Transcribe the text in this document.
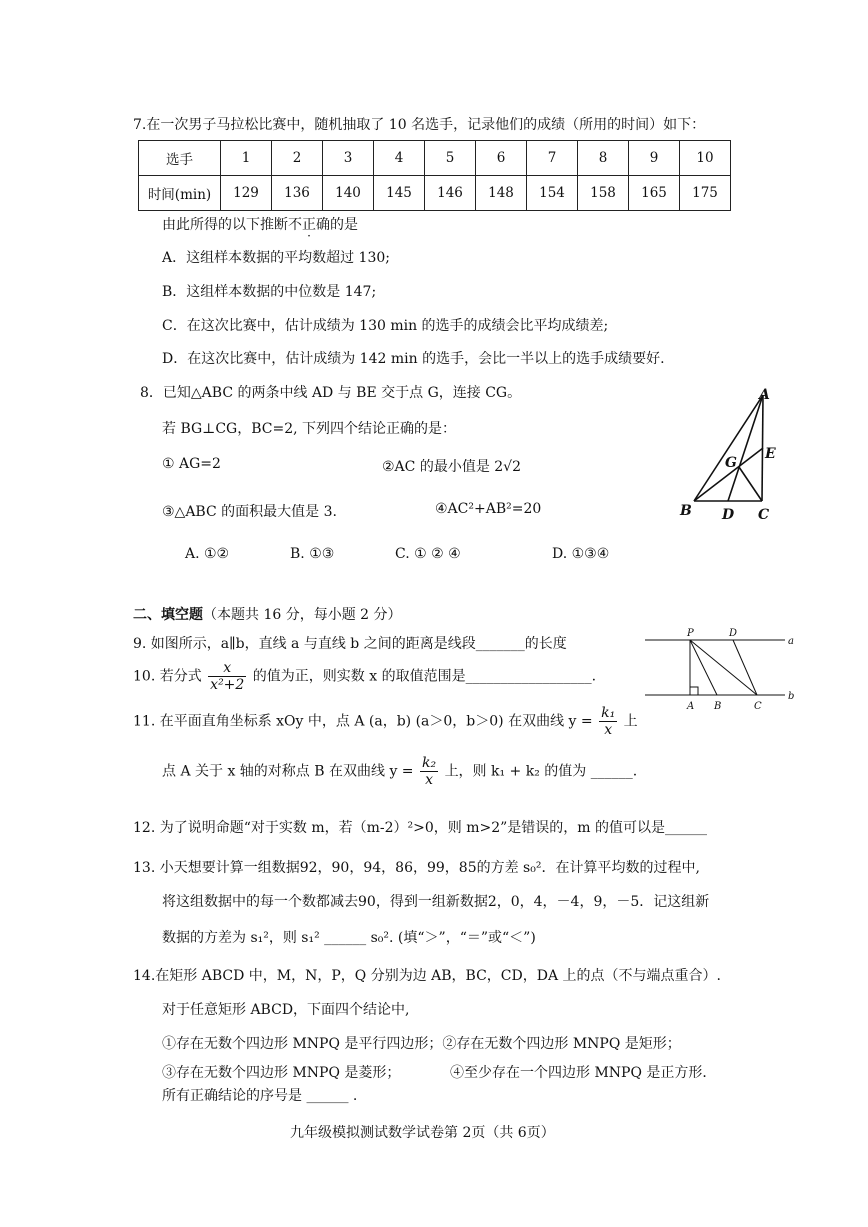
7.在一次男子马拉松比赛中，随机抽取了 10 名选手，记录他们的成绩（所用的时间）如下：
选手	1	2	3	4	5	6	7	8	9	10
时间(min)	129	136	140	145	146	148	154	158	165	175
由此所得的以下推断不正确的是
A．这组样本数据的平均数超过 130;
B．这组样本数据的中位数是 147;
C．在这次比赛中，估计成绩为 130 min 的选手的成绩会比平均成绩差;
D．在这次比赛中，估计成绩为 142 min 的选手，会比一半以上的选手成绩要好.
8．已知△ABC 的两条中线 AD 与 BE 交于点 G，连接 CG。
若 BG⊥CG，BC=2, 下列四个结论正确的是：
① AG=2	②AC 的最小值是 2√2
③△ABC 的面积最大值是 3.	④AC²+AB²=20
A. ①②	B. ①③	C. ① ② ④	D. ①③④
A
B	C
D
E
G
二、填空题（本题共 16 分，每小题 2 分）
9. 如图所示，a∥b，直线 a 与直线 b 之间的距离是线段_______的长度
P	D
a
A B	C
b
10. 若分式 $\frac{x}{\text{x²+2}}$ 的值为正，则实数 x 的取值范围是__________________.
11. 在平面直角坐标系 xOy 中，点 A (a，b) (a＞0，b＞0) 在双曲线 $y = \frac{\text{k₁}}{x}$ 上
点 A 关于 x 轴的对称点 B 在双曲线 $y = \frac{\text{k₂}}{x}$ 上，则 k₁ + k₂ 的值为 ______.
12. 为了说明命题“对于实数 m，若（m-2）²>0，则 m>2”是错误的，m 的值可以是______
13. 小天想要计算一组数据92，90，94，86，99，85的方差 s₀²．在计算平均数的过程中,
将这组数据中的每一个数都减去90，得到一组新数据2，0，4，－4，9，－5．记这组新
数据的方差为 s₁²，则 s₁² ______ s₀². (填“＞”，“＝”或“＜”)
14.在矩形 ABCD 中，M，N，P，Q 分别为边 AB，BC，CD，DA 上的点（不与端点重合）.
对于任意矩形 ABCD，下面四个结论中,
①存在无数个四边形 MNPQ 是平行四边形；②存在无数个四边形 MNPQ 是矩形；
③存在无数个四边形 MNPQ 是菱形；	④至少存在一个四边形 MNPQ 是正方形．
所有正确结论的序号是 ______ .
九年级模拟测试数学试卷第 2页（共 6页）
